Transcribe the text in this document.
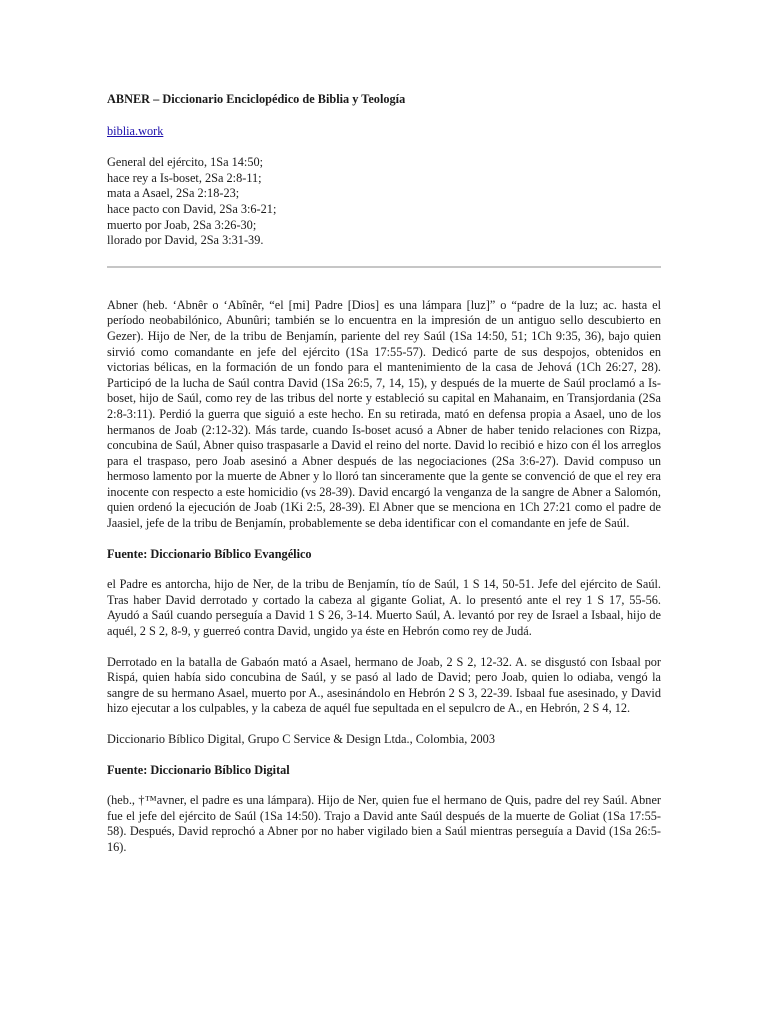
ABNER – Diccionario Enciclopédico de Biblia y Teología
biblia.work
General del ejército, 1Sa 14:50;
hace rey a Is-boset, 2Sa 2:8-11;
mata a Asael, 2Sa 2:18-23;
hace pacto con David, 2Sa 3:6-21;
muerto por Joab, 2Sa 3:26-30;
llorado por David, 2Sa 3:31-39.

Abner (heb. ‘Abnêr o ‘Abînêr, “el [mi] Padre [Dios] es una lámpara [luz]” o “padre de la luz; ac. hasta el período neobabilónico, Abunûri; también se lo encuentra en la impresión de un antiguo sello descubierto en Gezer). Hijo de Ner, de la tribu de Benjamín, pariente del rey Saúl (1Sa 14:50, 51; 1Ch 9:35, 36), bajo quien sirvió como comandante en jefe del ejército (1Sa 17:55-57). Dedicó parte de sus despojos, obtenidos en victorias bélicas, en la formación de un fondo para el mantenimiento de la casa de Jehová (1Ch 26:27, 28). Participó de la lucha de Saúl contra David (1Sa 26:5, 7, 14, 15), y después de la muerte de Saúl proclamó a Is-boset, hijo de Saúl, como rey de las tribus del norte y estableció su capital en Mahanaim, en Transjordania (2Sa 2:8-3:11). Perdió la guerra que siguió a este hecho. En su retirada, mató en defensa propia a Asael, uno de los hermanos de Joab (2:12-32). Más tarde, cuando Is-boset acusó a Abner de haber tenido relaciones con Rizpa, concubina de Saúl, Abner quiso traspasarle a David el reino del norte. David lo recibió e hizo con él los arreglos para el traspaso, pero Joab asesinó a Abner después de las negociaciones (2Sa 3:6-27). David compuso un hermoso lamento por la muerte de Abner y lo lloró tan sinceramente que la gente se convenció de que el rey era inocente con respecto a este homicidio (vs 28-39). David encargó la venganza de la sangre de Abner a Salomón, quien ordenó la ejecución de Joab (1Ki 2:5, 28-39). El Abner que se menciona en 1Ch 27:21 como el padre de Jaasiel, jefe de la tribu de Benjamín, probablemente se deba identificar con el comandante en jefe de Saúl.

Fuente: Diccionario Bíblico Evangélico

el Padre es antorcha, hijo de Ner, de la tribu de Benjamín, tío de Saúl, 1 S 14, 50-51. Jefe del ejército de Saúl. Tras haber David derrotado y cortado la cabeza al gigante Goliat, A. lo presentó ante el rey 1 S 17, 55-56. Ayudó a Saúl cuando perseguía a David 1 S 26, 3-14. Muerto Saúl, A. levantó por rey de Israel a Isbaal, hijo de aquél, 2 S 2, 8-9, y guerreó contra David, ungido ya éste en Hebrón como rey de Judá.

Derrotado en la batalla de Gabaón mató a Asael, hermano de Joab, 2 S 2, 12-32. A. se disgustó con Isbaal por Rispá, quien había sido concubina de Saúl, y se pasó al lado de David; pero Joab, quien lo odiaba, vengó la sangre de su hermano Asael, muerto por A., asesinándolo en Hebrón 2 S 3, 22-39. Isbaal fue asesinado, y David hizo ejecutar a los culpables, y la cabeza de aquél fue sepultada en el sepulcro de A., en Hebrón, 2 S 4, 12.

Diccionario Bíblico Digital, Grupo C Service & Design Ltda., Colombia, 2003

Fuente: Diccionario Bíblico Digital

(heb., †™avner, el padre es una lámpara). Hijo de Ner, quien fue el hermano de Quis, padre del rey Saúl. Abner fue el jefe del ejército de Saúl (1Sa 14:50). Trajo a David ante Saúl después de la muerte de Goliat (1Sa 17:55-58). Después, David reprochó a Abner por no haber vigilado bien a Saúl mientras perseguía a David (1Sa 26:5-16).
